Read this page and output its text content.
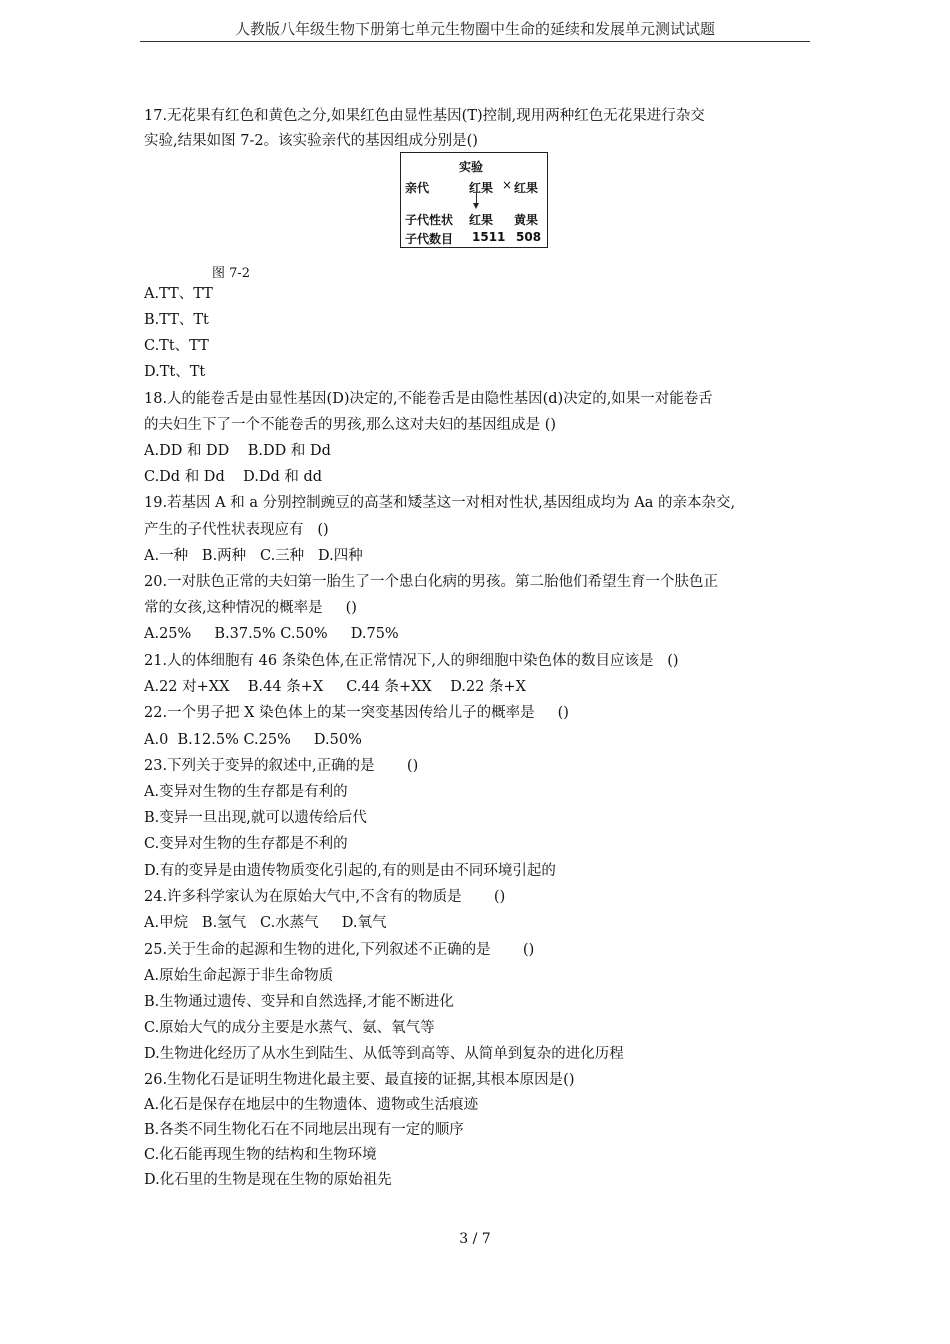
人教版八年级生物下册第七单元生物圈中生命的延续和发展单元测试试题
17.无花果有红色和黄色之分,如果红色由显性基因(T)控制,现用两种红色无花果进行杂交
实验,结果如图 7-2。该实验亲代的基因组成分别是()
实验
亲代	红果 × 红果
子代性状 红果 黄果
子代数目 1511 508
图 7-2
A.TT、TT
B.TT、Tt
C.Tt、TT
D.Tt、Tt
18.人的能卷舌是由显性基因(D)决定的,不能卷舌是由隐性基因(d)决定的,如果一对能卷舌
的夫妇生下了一个不能卷舌的男孩,那么这对夫妇的基因组成是 ()
A.DD 和 DD    B.DD 和 Dd
C.Dd 和 Dd    D.Dd 和 dd
19.若基因 A 和 a 分别控制豌豆的高茎和矮茎这一对相对性状,基因组成均为 Aa 的亲本杂交,
产生的子代性状表现应有   ()
A.一种   B.两种   C.三种   D.四种
20.一对肤色正常的夫妇第一胎生了一个患白化病的男孩。第二胎他们希望生育一个肤色正
常的女孩,这种情况的概率是     ()
A.25%     B.37.5% C.50%     D.75%
21.人的体细胞有 46 条染色体,在正常情况下,人的卵细胞中染色体的数目应该是   ()
A.22 对+XX    B.44 条+X     C.44 条+XX    D.22 条+X
22.一个男子把 X 染色体上的某一突变基因传给儿子的概率是     ()
A.0  B.12.5% C.25%     D.50%
23.下列关于变异的叙述中,正确的是       ()
A.变异对生物的生存都是有利的
B.变异一旦出现,就可以遗传给后代
C.变异对生物的生存都是不利的
D.有的变异是由遗传物质变化引起的,有的则是由不同环境引起的
24.许多科学家认为在原始大气中,不含有的物质是       ()
A.甲烷   B.氢气   C.水蒸气     D.氧气
25.关于生命的起源和生物的进化,下列叙述不正确的是       ()
A.原始生命起源于非生命物质
B.生物通过遗传、变异和自然选择,才能不断进化
C.原始大气的成分主要是水蒸气、氨、氧气等
D.生物进化经历了从水生到陆生、从低等到高等、从简单到复杂的进化历程
26.生物化石是证明生物进化最主要、最直接的证据,其根本原因是()
A.化石是保存在地层中的生物遗体、遗物或生活痕迹
B.各类不同生物化石在不同地层出现有一定的顺序
C.化石能再现生物的结构和生物环境
D.化石里的生物是现在生物的原始祖先
3 / 7
